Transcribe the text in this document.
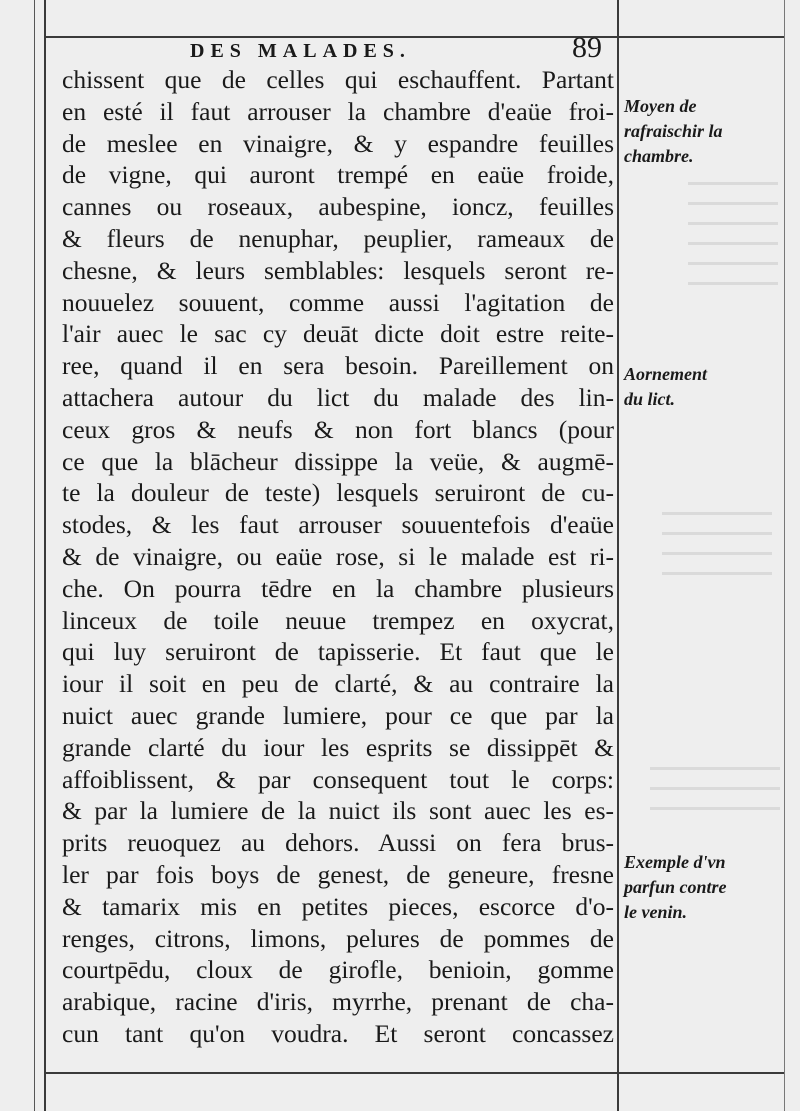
DES MALADES.	89
chissent que de celles qui eschauffent. Partant
en esté il faut arrouser la chambre d'eaüe froi-
de meslee en vinaigre, & y espandre feuilles
de vigne, qui auront trempé en eaüe froide,
cannes ou roseaux, aubespine, ioncz, feuilles
& fleurs de nenuphar, peuplier, rameaux de
chesne, & leurs semblables: lesquels seront re-
nouuelez souuent, comme aussi l'agitation de
l'air auec le sac cy deuāt dicte doit estre reite-
ree, quand il en sera besoin. Pareillement on
attachera autour du lict du malade des lin-
ceux gros & neufs & non fort blancs (pour
ce que la blācheur dissippe la veüe, & augmē-
te la douleur de teste) lesquels seruiront de cu-
stodes, & les faut arrouser souuentefois d'eaüe
& de vinaigre, ou eaüe rose, si le malade est ri-
che. On pourra tēdre en la chambre plusieurs
linceux de toile neuue trempez en oxycrat,
qui luy seruiront de tapisserie. Et faut que le
iour il soit en peu de clarté, & au contraire la
nuict auec grande lumiere, pour ce que par la
grande clarté du iour les esprits se dissippēt &
affoiblissent, & par consequent tout le corps:
& par la lumiere de la nuict ils sont auec les es-
prits reuoquez au dehors. Aussi on fera brus-
ler par fois boys de genest, de geneure, fresne
& tamarix mis en petites pieces, escorce d'o-
renges, citrons, limons, pelures de pommes de
courtpēdu, cloux de girofle, benioin, gomme
arabique, racine d'iris, myrrhe, prenant de cha-
cun tant qu'on voudra. Et seront concassez
Moyen de
rafraischir la
chambre.
Aornement
du lict.
Exemple d'vn
parfun contre
le venin.
